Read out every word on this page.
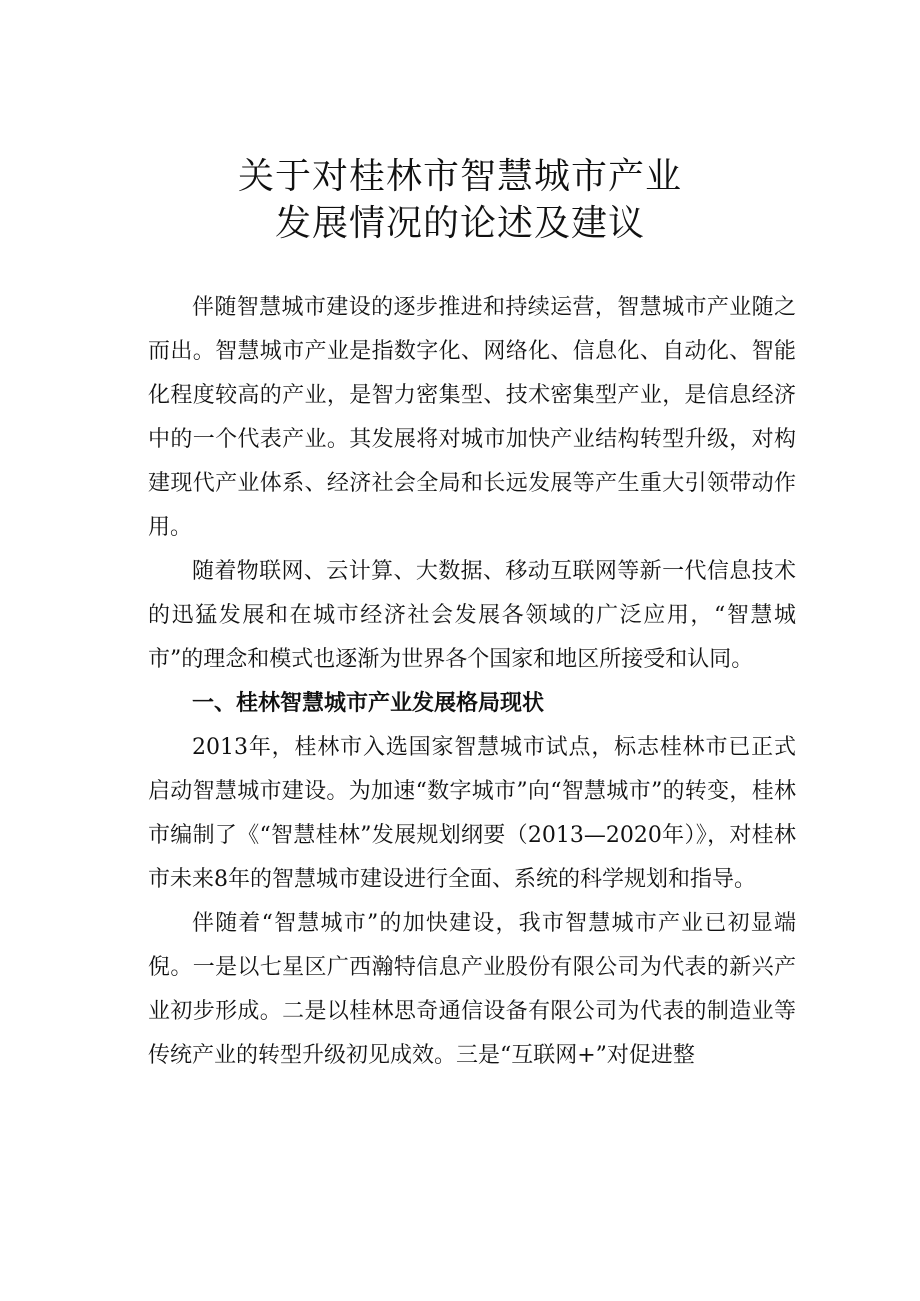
关于对桂林市智慧城市产业
发展情况的论述及建议

伴随智慧城市建设的逐步推进和持续运营，智慧城市产业随之而出。智慧城市产业是指数字化、网络化、信息化、自动化、智能化程度较高的产业，是智力密集型、技术密集型产业，是信息经济中的一个代表产业。其发展将对城市加快产业结构转型升级，对构建现代产业体系、经济社会全局和长远发展等产生重大引领带动作用。

随着物联网、云计算、大数据、移动互联网等新一代信息技术的迅猛发展和在城市经济社会发展各领域的广泛应用，“智慧城市”的理念和模式也逐渐为世界各个国家和地区所接受和认同。

一、桂林智慧城市产业发展格局现状

2013年，桂林市入选国家智慧城市试点，标志桂林市已正式启动智慧城市建设。为加速“数字城市”向“智慧城市”的转变，桂林市编制了《“智慧桂林”发展规划纲要（2013—2020年）》，对桂林市未来8年的智慧城市建设进行全面、系统的科学规划和指导。

伴随着“智慧城市”的加快建设，我市智慧城市产业已初显端倪。一是以七星区广西瀚特信息产业股份有限公司为代表的新兴产业初步形成。二是以桂林思奇通信设备有限公司为代表的制造业等传统产业的转型升级初见成效。三是“互联网+”对促进整
